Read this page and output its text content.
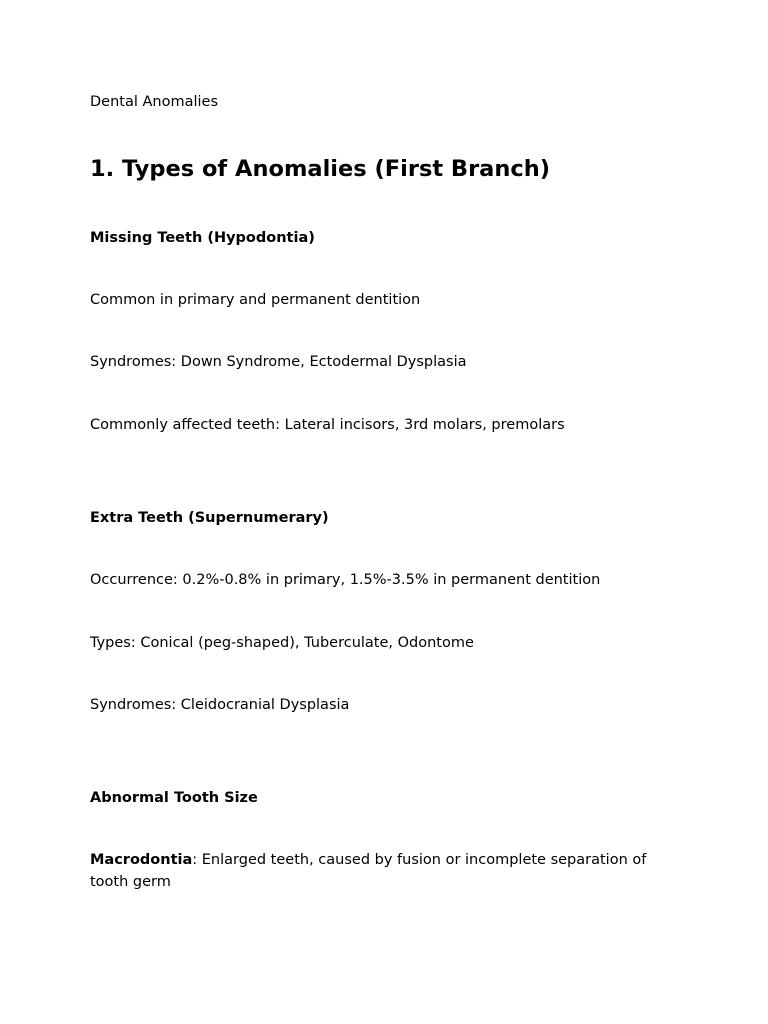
Dental Anomalies
1. Types of Anomalies (First Branch)
Missing Teeth (Hypodontia)
Common in primary and permanent dentition
Syndromes: Down Syndrome, Ectodermal Dysplasia
Commonly affected teeth: Lateral incisors, 3rd molars, premolars
Extra Teeth (Supernumerary)
Occurrence: 0.2%-0.8% in primary, 1.5%-3.5% in permanent dentition
Types: Conical (peg-shaped), Tuberculate, Odontome
Syndromes: Cleidocranial Dysplasia
Abnormal Tooth Size
Macrodontia: Enlarged teeth, caused by fusion or incomplete separation of tooth germ
